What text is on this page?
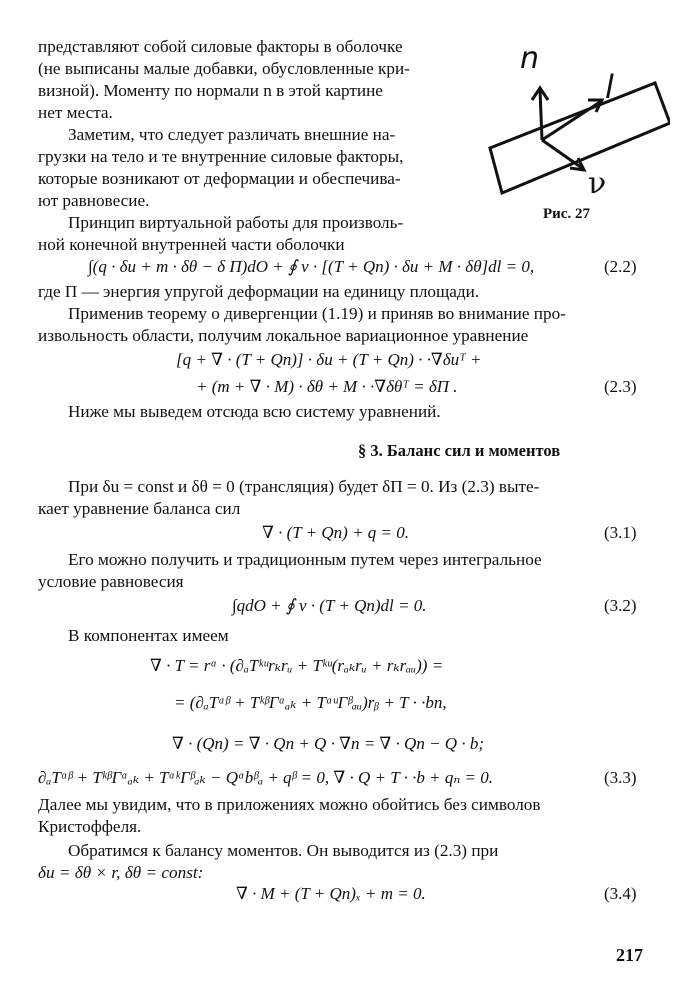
представляют собой силовые факторы в оболочке
(не выписаны малые добавки, обусловленные кри-
визной). Моменту по нормали n в этой картине
нет места.
Заметим, что следует различать внешние на-
грузки на тело и те внутренние силовые факторы,
которые возникают от деформации и обеспечива-
ют равновесие.
Принцип виртуальной работы для произволь-
ной конечной внутренней части оболочки
n
l
ν
Рис. 27
∫(q · δu + m · δθ − δ Π)dO + ∮ ν · [(T + Qn) · δu + M · δθ]dl = 0,	(2.2)
где Π — энергия упругой деформации на единицу площади.
Применив теорему о дивергенции (1.19) и приняв во внимание про-
извольность области, получим локальное вариационное уравнение
[q + ∇ · (T + Qn)] · δu + (T + Qn) · ·∇δuᵀ +
+ (m + ∇ · M) · δθ + M · ·∇δθᵀ = δΠ .	(2.3)
Ниже мы выведем отсюда всю систему уравнений.
§ 3. Баланс сил и моментов
При δu = const и δθ = 0 (трансляция) будет δΠ = 0. Из (2.3) выте-
кает уравнение баланса сил
∇ · (T + Qn) + q = 0.	(3.1)
Его можно получить и традиционным путем через интегральное
условие равновесия
∫qdO + ∮ ν · (T + Qn)dl = 0.	(3.2)
В компонентах имеем
∇ · T = rᵅ · (∂ₐTᵏᵘrₖrᵤ + Tᵏᵘ(rₐₖrᵤ + rₖrₐᵤ)) =
= (∂ₐTᵅᵝ + TᵏᵝΓᵅₐₖ + TᵅᵘΓᵝₐᵤ)rᵦ + T · ·bn,
∇ · (Qn) = ∇ · Qn + Q · ∇n = ∇ · Qn − Q · b;
∂ₐTᵅᵝ + TᵏᵝΓᵅₐₖ + TᵅᵏΓᵝₐₖ − Qᵅbᵝₐ + qᵝ = 0, ∇ · Q + T · ·b + qₙ = 0.	(3.3)
Далее мы увидим, что в приложениях можно обойтись без символов
Кристоффеля.
Обратимся к балансу моментов. Он выводится из (2.3) при
δu = δθ × r, δθ = const:
∇ · M + (T + Qn)ₓ + m = 0.	(3.4)
217
